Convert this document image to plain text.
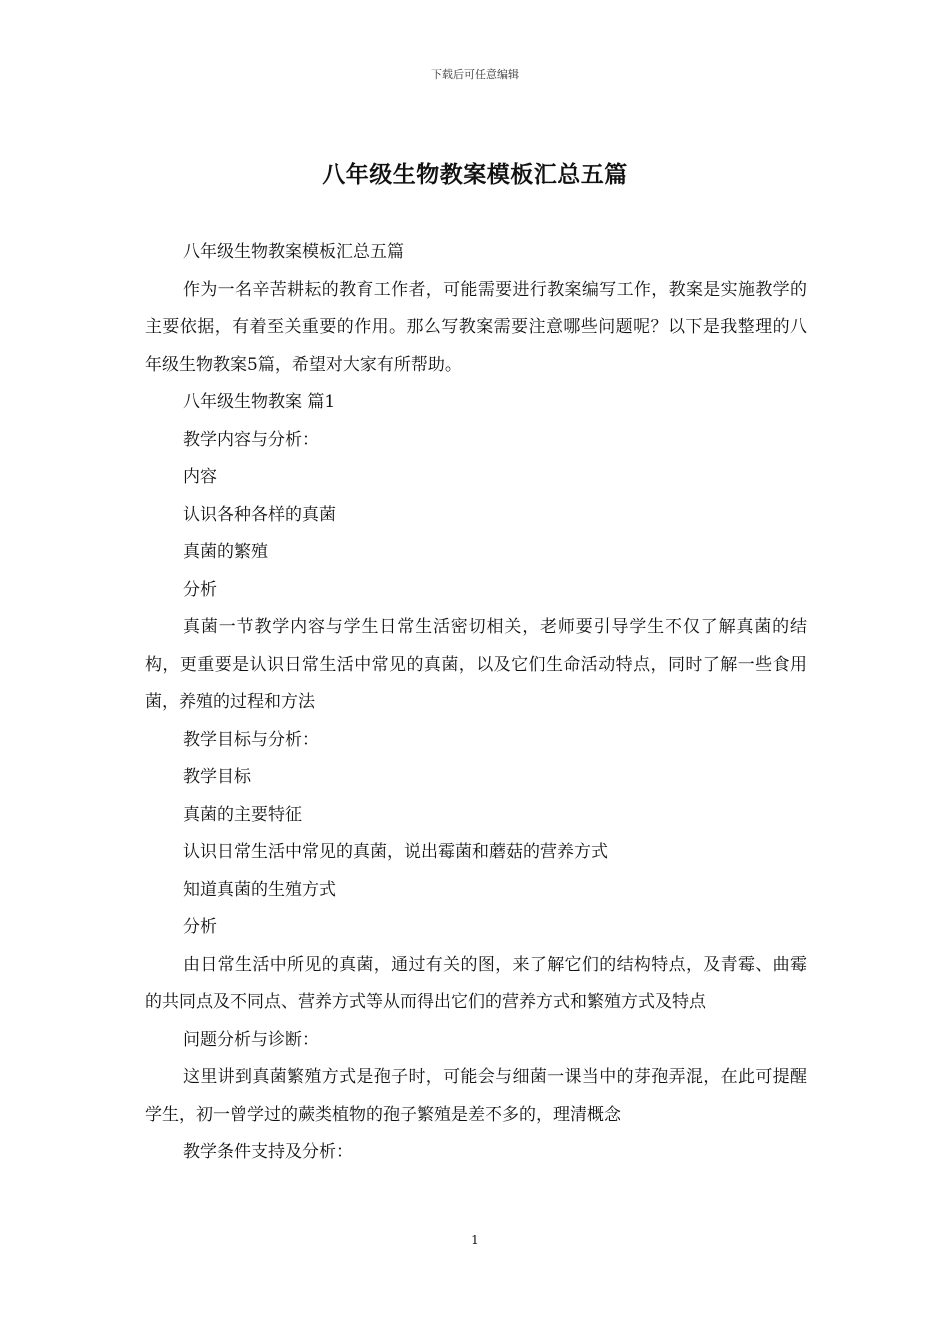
下载后可任意编辑
八年级生物教案模板汇总五篇

八年级生物教案模板汇总五篇

作为一名辛苦耕耘的教育工作者，可能需要进行教案编写工作，教案是实施教学的主要依据，有着至关重要的作用。那么写教案需要注意哪些问题呢？以下是我整理的八年级生物教案5篇，希望对大家有所帮助。

八年级生物教案 篇1

教学内容与分析：

内容

认识各种各样的真菌

真菌的繁殖

分析

真菌一节教学内容与学生日常生活密切相关，老师要引导学生不仅了解真菌的结构，更重要是认识日常生活中常见的真菌，以及它们生命活动特点，同时了解一些食用菌，养殖的过程和方法

教学目标与分析：

教学目标

真菌的主要特征

认识日常生活中常见的真菌，说出霉菌和蘑菇的营养方式

知道真菌的生殖方式

分析

由日常生活中所见的真菌，通过有关的图，来了解它们的结构特点，及青霉、曲霉的共同点及不同点、营养方式等从而得出它们的营养方式和繁殖方式及特点

问题分析与诊断：

这里讲到真菌繁殖方式是孢子时，可能会与细菌一课当中的芽孢弄混，在此可提醒学生，初一曾学过的蕨类植物的孢子繁殖是差不多的，理清概念

教学条件支持及分析：

1
